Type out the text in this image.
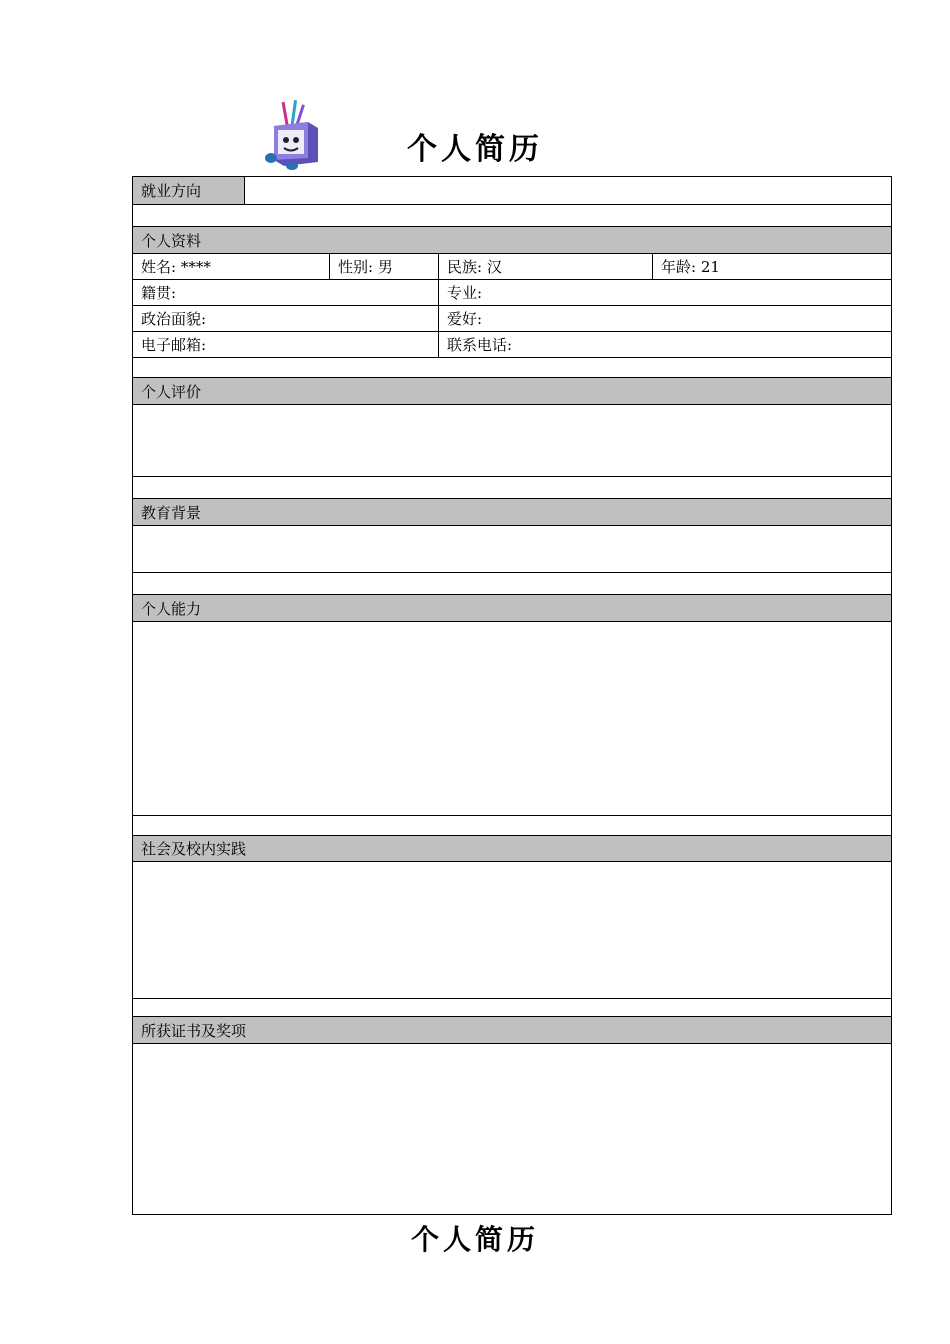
个人简历
就业方向				

个人资料				
姓名: ****		性别: 男	民族: 汉	年龄: 21
籍贯:			专业:	
政治面貌:			爱好:	
电子邮箱:			联系电话:	

个人评价				

教育背景				

个人能力				

社会及校内实践				

所获证书及奖项				

个人简历
